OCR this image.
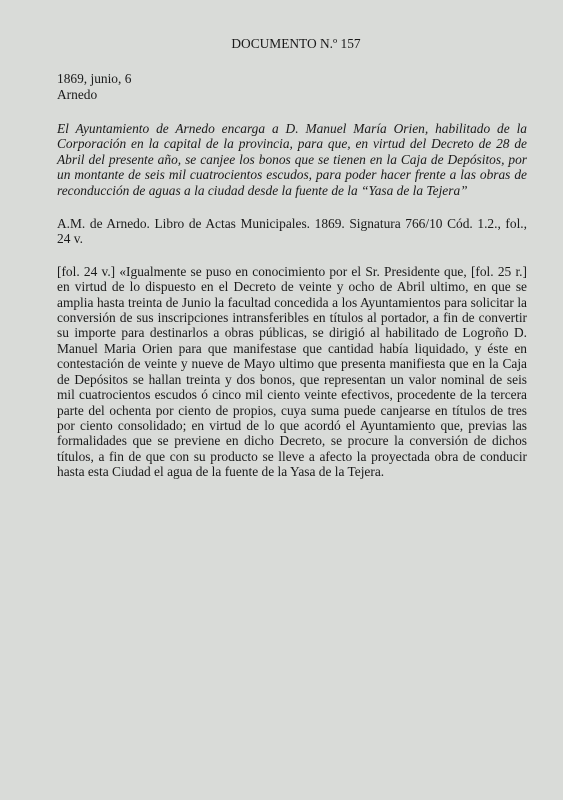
DOCUMENTO N.º 157

1869, junio, 6

Arnedo

El Ayuntamiento de Arnedo encarga a D. Manuel María Orien, habilitado de la Corporación en la capital de la provincia, para que, en virtud del Decreto de 28 de Abril del presente año, se canjee los bonos que se tienen en la Caja de Depósitos, por un montante de seis mil cuatrocientos escudos, para poder hacer frente a las obras de reconducción de aguas a la ciudad desde la fuente de la “Yasa de la Tejera”

A.M. de Arnedo. Libro de Actas Municipales. 1869. Signatura 766/10 Cód. 1.2., fol., 24 v.

[fol. 24 v.] «Igualmente se puso en conocimiento por el Sr. Presidente que, [fol. 25 r.] en virtud de lo dispuesto en el Decreto de veinte y ocho de Abril ultimo, en que se amplia hasta treinta de Junio la facultad concedida a los Ayuntamientos para solicitar la conversión de sus inscripciones intransferibles en títulos al portador, a fin de convertir su importe para destinarlos a obras públicas, se dirigió al habilitado de Logroño D. Manuel Maria Orien para que manifestase que cantidad había liquidado, y éste en contestación de veinte y nueve de Mayo ultimo que presenta manifiesta que en la Caja de Depósitos se hallan treinta y dos bonos, que representan un valor nominal de seis mil cuatrocientos escudos ó cinco mil ciento veinte efectivos, procedente de la tercera parte del ochenta por ciento de propios, cuya suma puede canjearse en títulos de tres por ciento consolidado; en virtud de lo que acordó el Ayuntamiento que, previas las formalidades que se previene en dicho Decreto, se procure la conversión de dichos títulos, a fin de que con su producto se lleve a afecto la proyectada obra de conducir hasta esta Ciudad el agua de la fuente de la Yasa de la Tejera.
